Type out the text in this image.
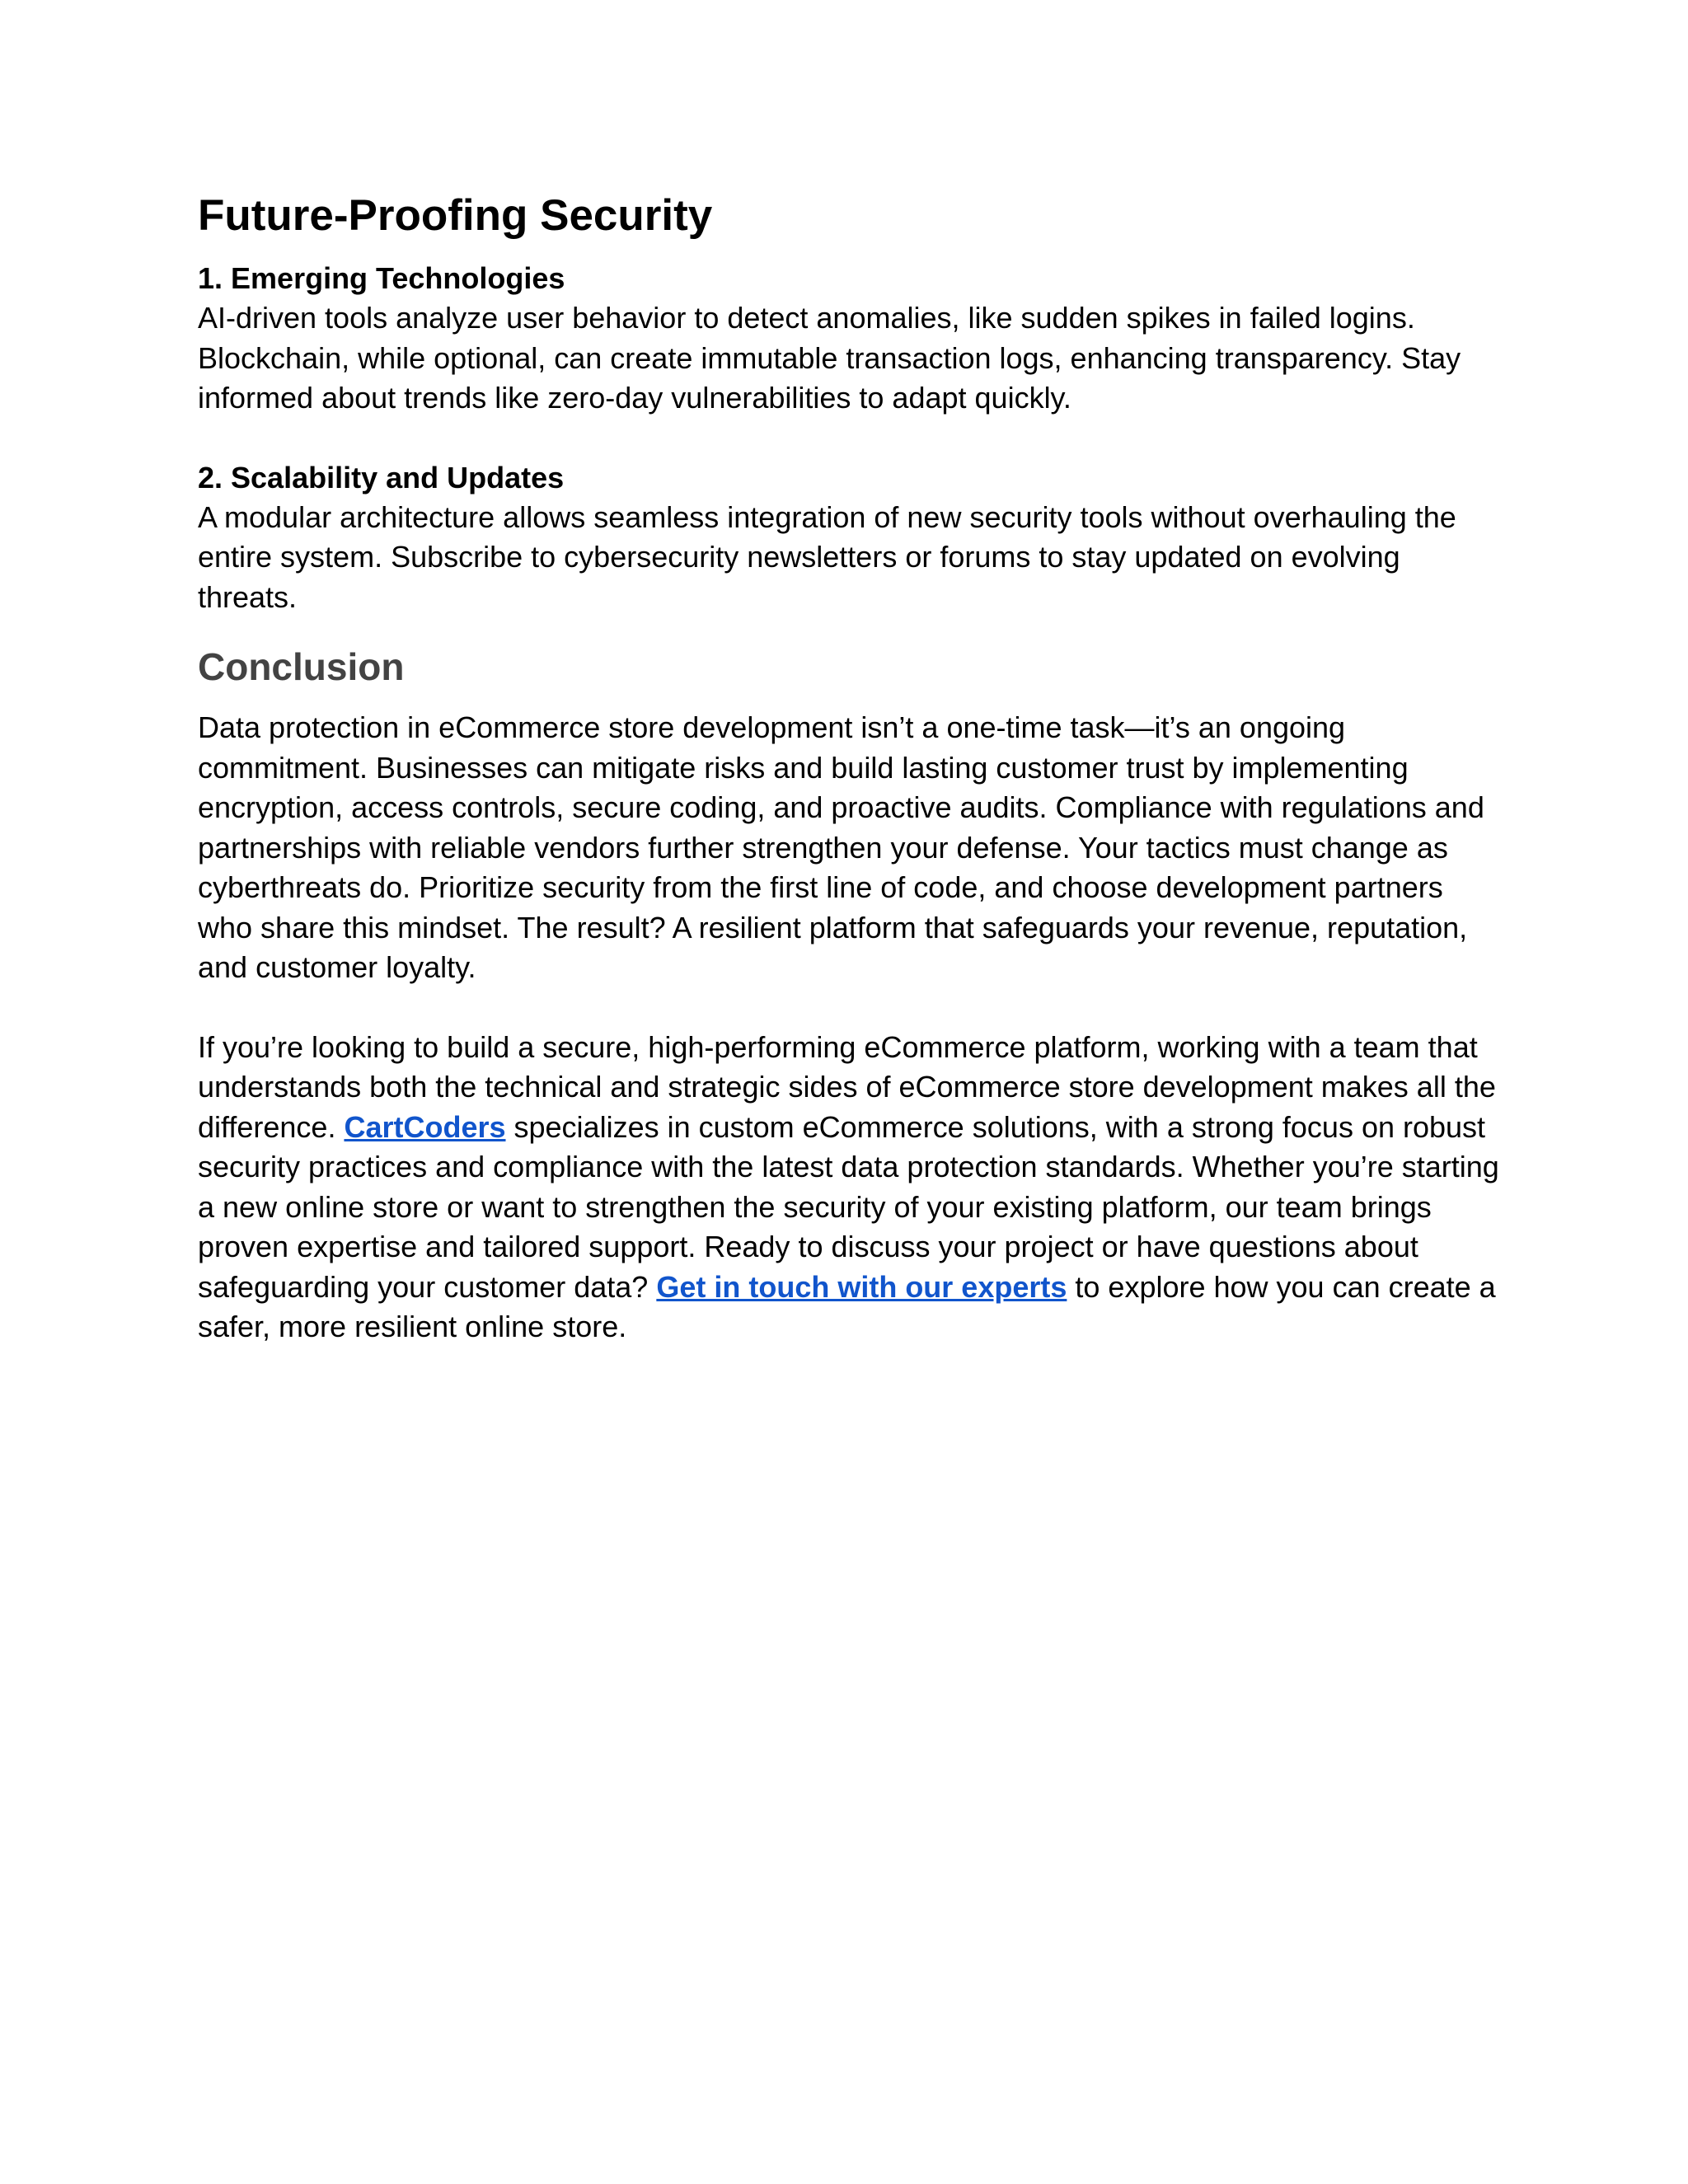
Future-Proofing Security
1. Emerging Technologies

AI-driven tools analyze user behavior to detect anomalies, like sudden spikes in failed logins. Blockchain, while optional, can create immutable transaction logs, enhancing transparency. Stay informed about trends like zero-day vulnerabilities to adapt quickly.

2. Scalability and Updates

A modular architecture allows seamless integration of new security tools without overhauling the entire system. Subscribe to cybersecurity newsletters or forums to stay updated on evolving threats.

Conclusion

Data protection in eCommerce store development isn’t a one-time task—it’s an ongoing commitment. Businesses can mitigate risks and build lasting customer trust by implementing encryption, access controls, secure coding, and proactive audits. Compliance with regulations and partnerships with reliable vendors further strengthen your defense. Your tactics must change as cyberthreats do. Prioritize security from the first line of code, and choose development partners who share this mindset. The result? A resilient platform that safeguards your revenue, reputation, and customer loyalty.

If you’re looking to build a secure, high-performing eCommerce platform, working with a team that understands both the technical and strategic sides of eCommerce store development makes all the difference. CartCoders specializes in custom eCommerce solutions, with a strong focus on robust security practices and compliance with the latest data protection standards. Whether you’re starting a new online store or want to strengthen the security of your existing platform, our team brings proven expertise and tailored support. Ready to discuss your project or have questions about safeguarding your customer data? Get in touch with our experts to explore how you can create a safer, more resilient online store.
